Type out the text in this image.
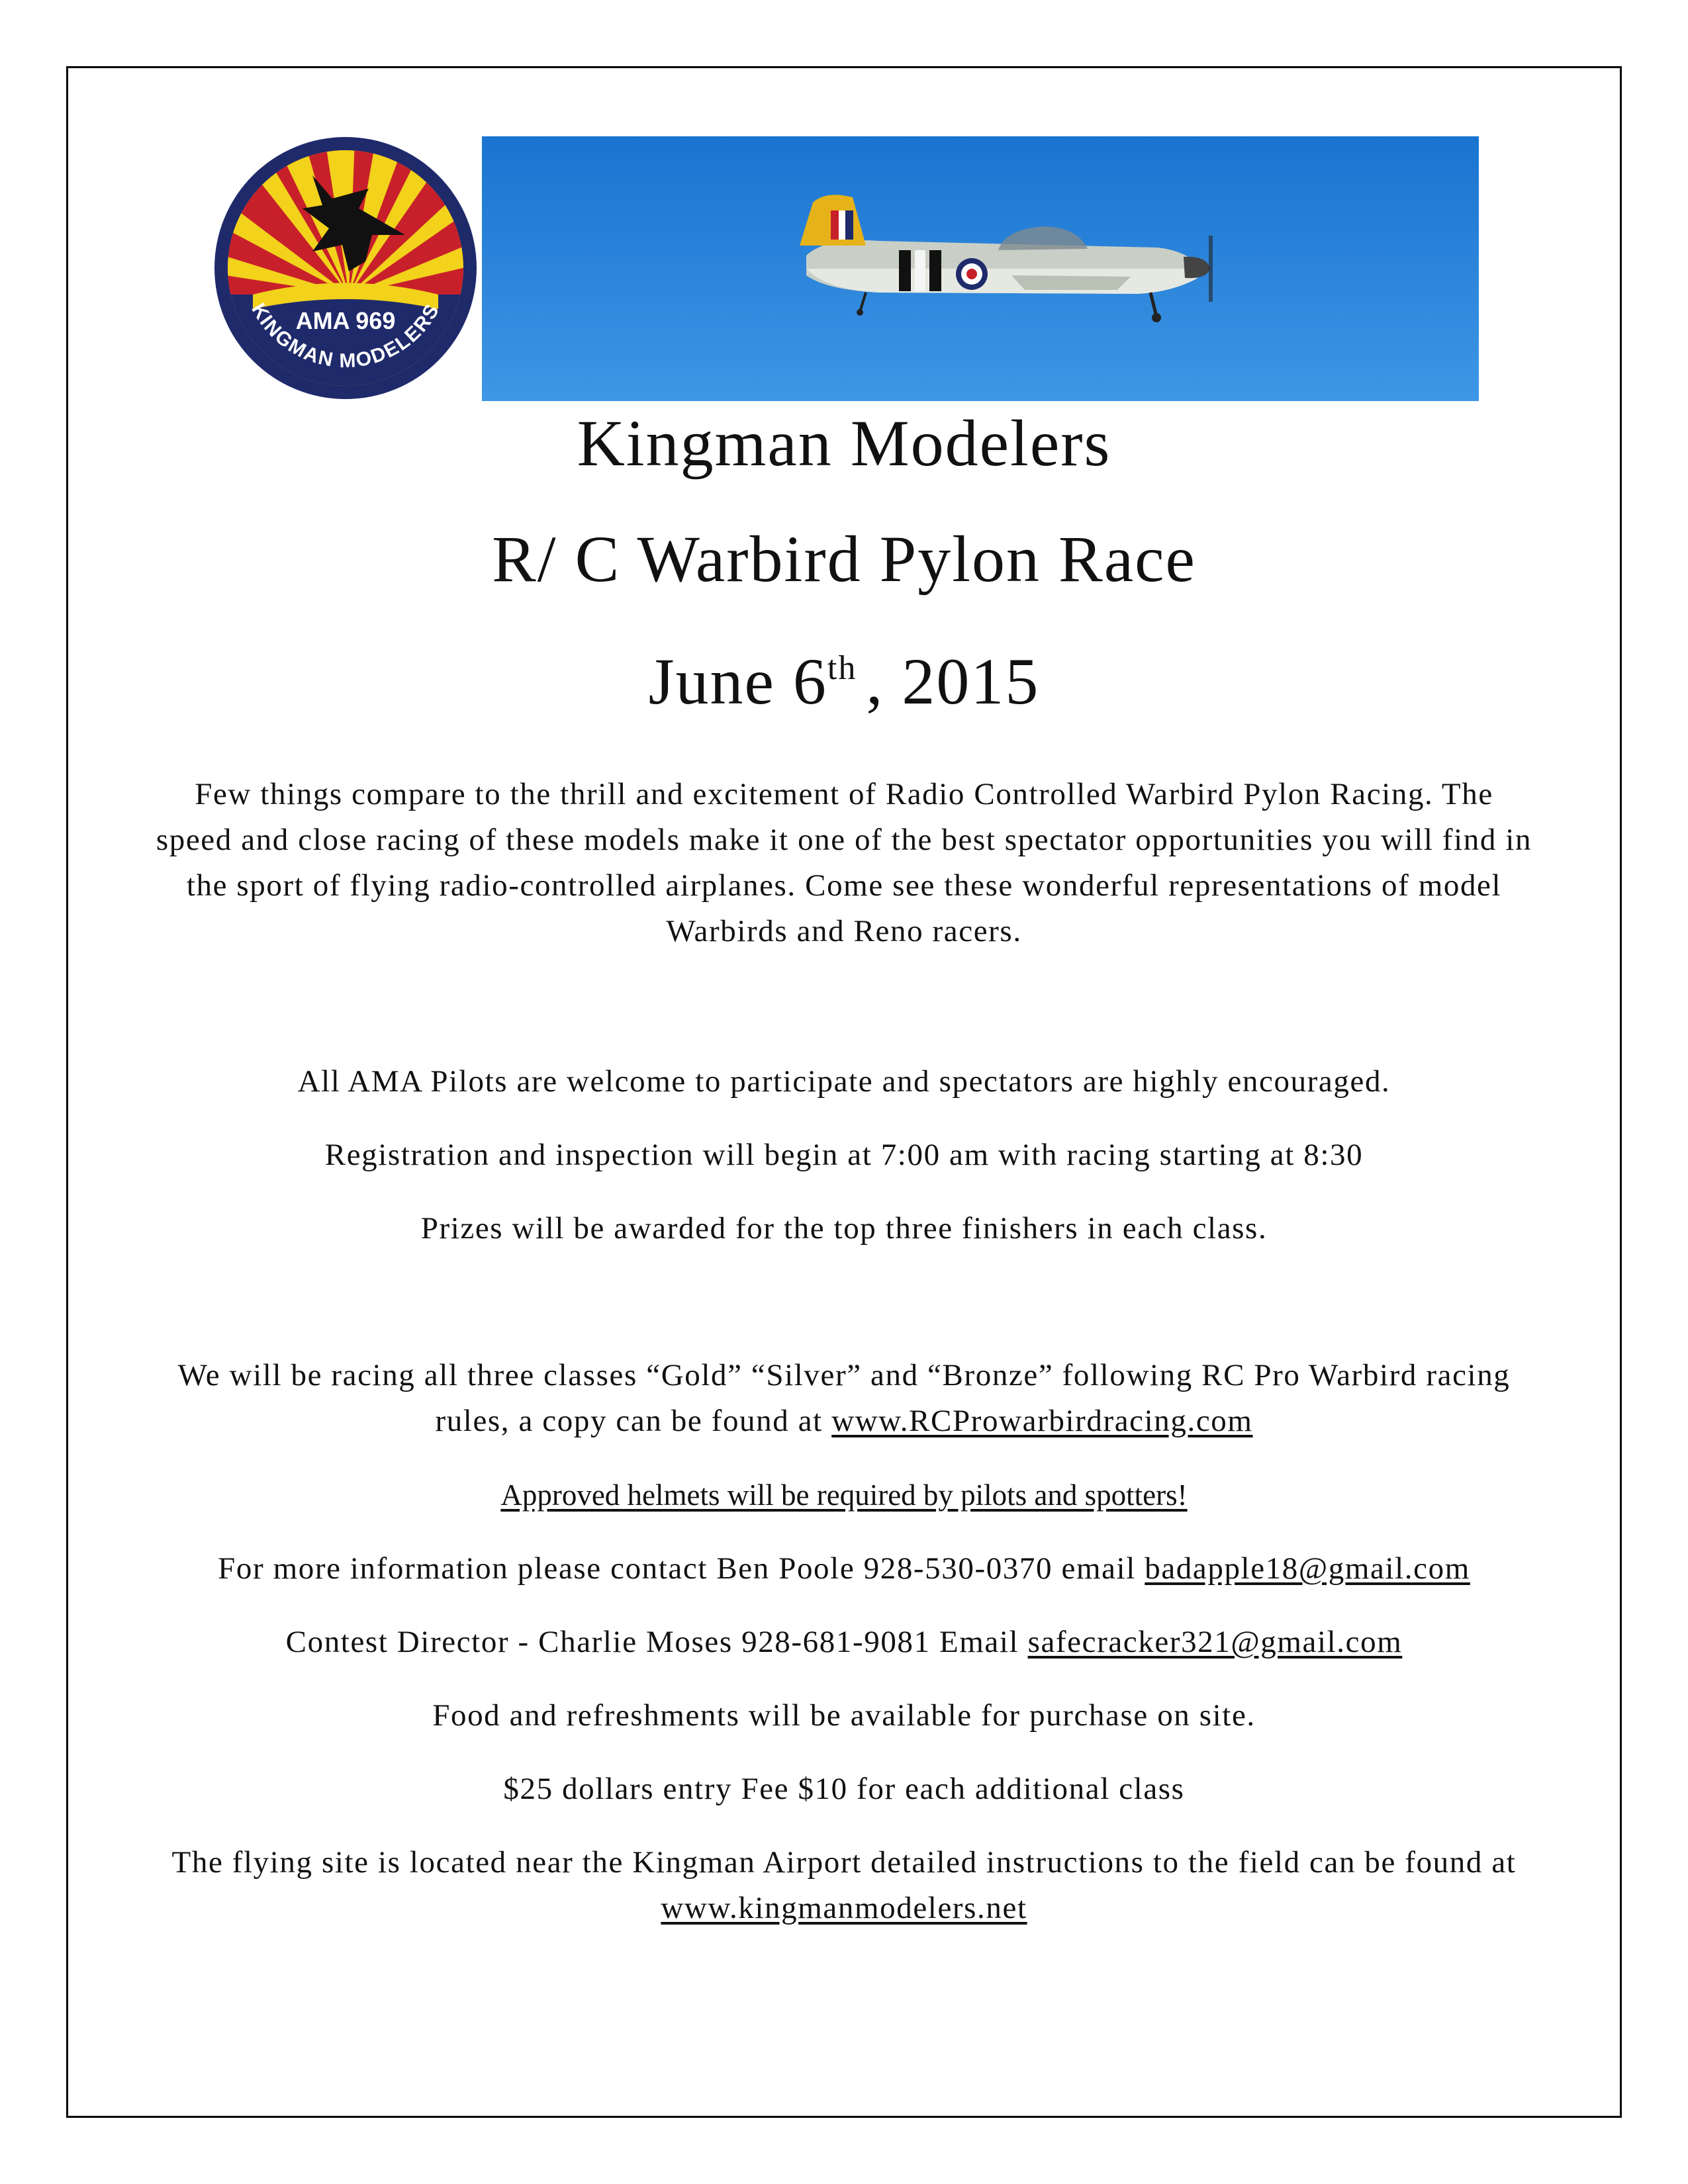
AMA 969
KINGMAN MODELERS
Kingman Modelers
R/ C Warbird Pylon Race
June 6th , 2015
Few things compare to the thrill and excitement of Radio Controlled Warbird Pylon Racing. The
speed and close racing of these models make it one of the best spectator opportunities you will find in
the sport of flying radio-controlled airplanes. Come see these wonderful representations of model
Warbirds and Reno racers.
All AMA Pilots are welcome to participate and spectators are highly encouraged.
Registration and inspection will begin at 7:00 am with racing starting at 8:30
Prizes will be awarded for the top three finishers in each class.
We will be racing all three classes “Gold” “Silver” and “Bronze” following RC Pro Warbird racing
rules, a copy can be found at www.RCProwarbirdracing.com
Approved helmets will be required by pilots and spotters!
For more information please contact Ben Poole 928-530-0370 email badapple18@gmail.com
Contest Director - Charlie Moses 928-681-9081 Email safecracker321@gmail.com
Food and refreshments will be available for purchase on site.
$25 dollars entry Fee $10 for each additional class
The flying site is located near the Kingman Airport detailed instructions to the field can be found at
www.kingmanmodelers.net
